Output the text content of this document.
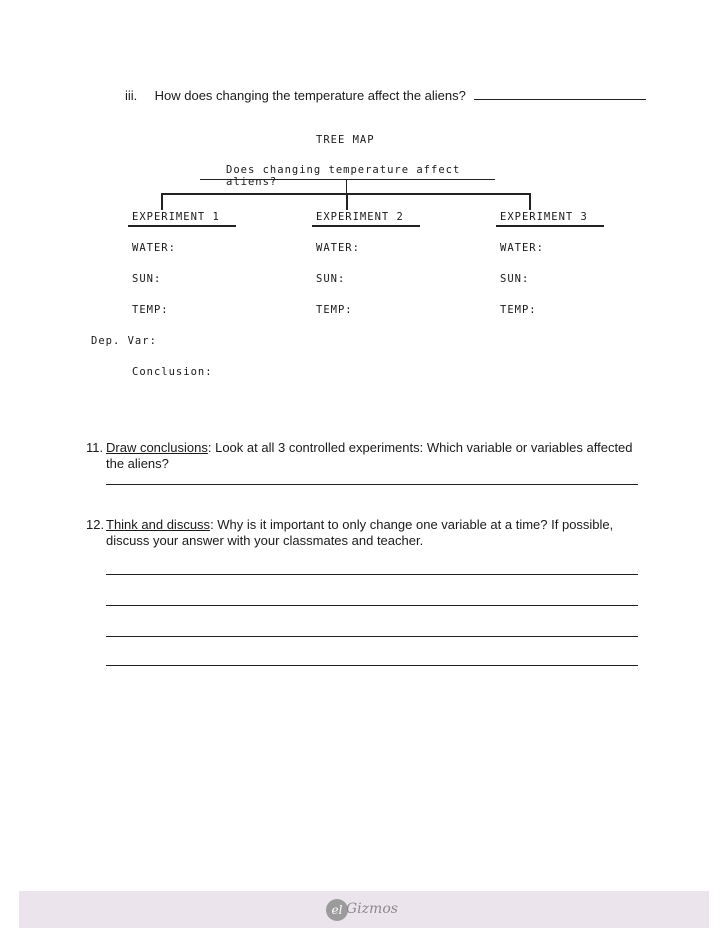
iii. How does changing the temperature affect the aliens?
TREE MAP
Does changing temperature affect aliens?
EXPERIMENT 1
WATER:
SUN:
TEMP:
EXPERIMENT 2
WATER:
SUN:
TEMP:
EXPERIMENT 3
WATER:
SUN:
TEMP:
Dep. Var:
Conclusion:
11. Draw conclusions: Look at all 3 controlled experiments: Which variable or variables affected
the aliens?
12. Think and discuss: Why is it important to only change one variable at a time? If possible,
discuss your answer with your classmates and teacher.
el Gizmos
